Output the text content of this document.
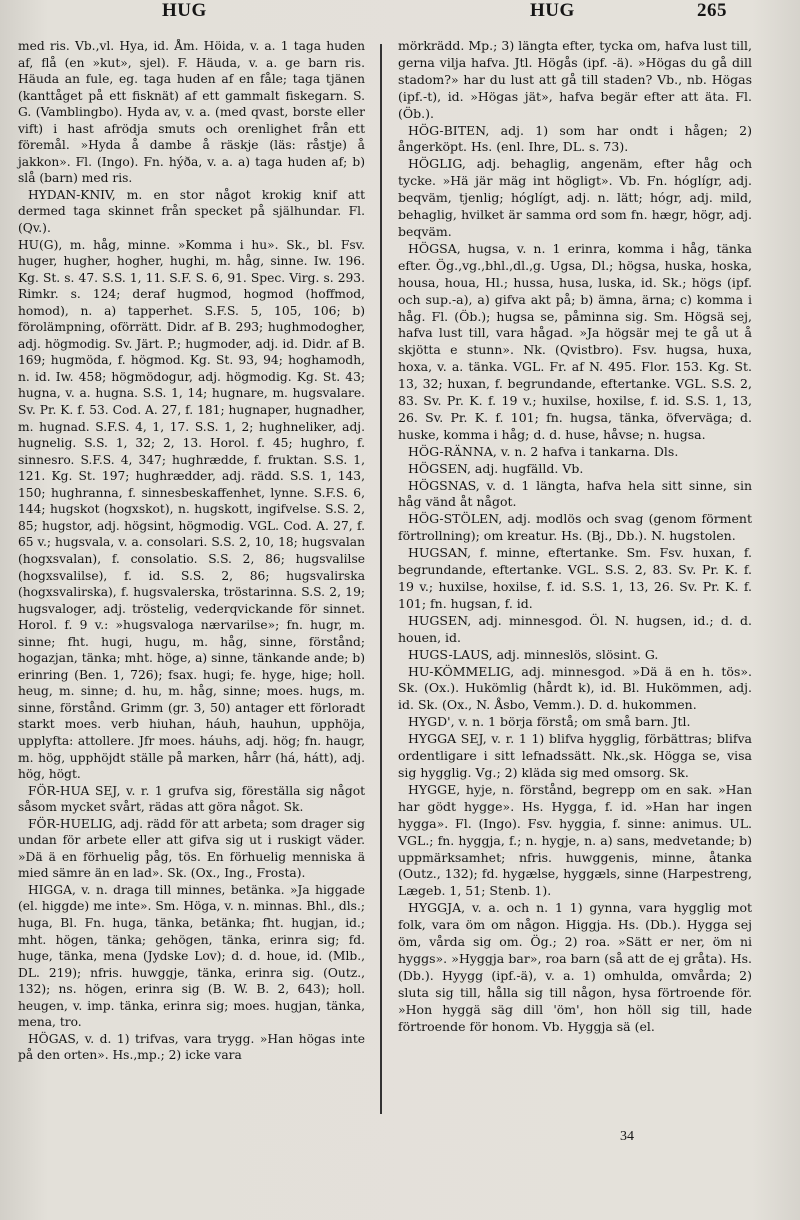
HUG	HUG	265

med ris. Vb.,vl. Hya, id. Åm. Höida, v. a. 1 taga huden af, flå (en »kut», sjel). F. Häuda, v. a. ge barn ris. Häuda an fule, eg. taga huden af en fåle; taga tjänen (kanttåget på ett fisknät) af ett gammalt fiskegarn. S. G. (Vamblingbo). Hyda av, v. a. (med qvast, borste eller vift) i hast afrödja smuts och orenlighet från ett föremål. »Hyda å dambe å räskje (läs: råstje) å jakkon». Fl. (Ingo). Fn. hýða, v. a. a) taga huden af; b) slå (barn) med ris.

HYDAN-KNIV, m. en stor något krokig knif att dermed taga skinnet från specket på själhundar. Fl. (Qv.).

HU(G), m. håg, minne. »Komma i hu». Sk., bl. Fsv. huger, hugher, hogher, hughi, m. håg, sinne. Iw. 196. Kg. St. s. 47. S.S. 1, 11. S.F. S. 6, 91. Spec. Virg. s. 293. Rimkr. s. 124; deraf hugmod, hogmod (hoffmod, homod), n. a) tapperhet. S.F.S. 5, 105, 106; b) förolämpning, oförrätt. Didr. af B. 293; hughmodogher, adj. högmodig. Sv. Järt. P.; hugmoder, adj. id. Didr. af B. 169; hugmöda, f. högmod. Kg. St. 93, 94; hoghamodh, n. id. Iw. 458; högmödogur, adj. högmodig. Kg. St. 43; hugna, v. a. hugna. S.S. 1, 14; hugnare, m. hugsvalare. Sv. Pr. K. f. 53. Cod. A. 27, f. 181; hugnaper, hugnadher, m. hugnad. S.F.S. 4, 1, 17. S.S. 1, 2; hughneliker, adj. hugnelig. S.S. 1, 32; 2, 13. Horol. f. 45; hughro, f. sinnesro. S.F.S. 4, 347; hughrædde, f. fruktan. S.S. 1, 121. Kg. St. 197; hughrædder, adj. rädd. S.S. 1, 143, 150; hughranna, f. sinnesbeskaffenhet, lynne. S.F.S. 6, 144; hugskot (hogxskot), n. hugskott, ingifvelse. S.S. 2, 85; hugstor, adj. högsint, högmodig. VGL. Cod. A. 27, f. 65 v.; hugsvala, v. a. consolari. S.S. 2, 10, 18; hugsvalan (hogxsvalan), f. consolatio. S.S. 2, 86; hugsvalilse (hogxsvalilse), f. id. S.S. 2, 86; hugsvalirska (hogxsvalirska), f. hugsvalerska, tröstarinna. S.S. 2, 19; hugsvaloger, adj. tröstelig, vederqvickande för sinnet. Horol. f. 9 v.: »hugsvaloga nærvarilse»; fn. hugr, m. sinne; fht. hugi, hugu, m. håg, sinne, förstånd; hogazjan, tänka; mht. höge, a) sinne, tänkande ande; b) erinring (Ben. 1, 726); fsax. hugi; fe. hyge, hige; holl. heug, m. sinne; d. hu, m. håg, sinne; moes. hugs, m. sinne, förstånd. Grimm (gr. 3, 50) antager ett förloradt starkt moes. verb hiuhan, háuh, hauhun, upphöja, upplyfta: attollere. Jfr moes. háuhs, adj. hög; fn. haugr, m. hög, upphöjdt ställe på marken, hårr (há, hátt), adj. hög, högt.

FÖR-HUA SEJ, v. r. 1 grufva sig, föreställa sig något såsom mycket svårt, rädas att göra något. Sk.

FÖR-HUELIG, adj. rädd för att arbeta; som drager sig undan för arbete eller att gifva sig ut i ruskigt väder. »Dä ä en förhuelig påg, tös. En förhuelig menniska ä mied sämre än en lad». Sk. (Ox., Ing., Frosta).

HIGGA, v. n. draga till minnes, betänka. »Ja higgade (el. higgde) me inte». Sm. Höga, v. n. minnas. Bhl., dls.; huga, Bl. Fn. huga, tänka, betänka; fht. hugjan, id.; mht. högen, tänka; gehögen, tänka, erinra sig; fd. huge, tänka, mena (Jydske Lov); d. d. houe, id. (Mlb., DL. 219); nfris. huwggje, tänka, erinra sig. (Outz., 132); ns. högen, erinra sig (B. W. B. 2, 643); holl. heugen, v. imp. tänka, erinra sig; moes. hugjan, tänka, mena, tro.

HÖGAS, v. d. 1) trifvas, vara trygg. »Han högas inte på den orten». Hs.,mp.; 2) icke vara

mörkrädd. Mp.; 3) längta efter, tycka om, hafva lust till, gerna vilja hafva. Jtl. Högås (ipf. -ä). »Högas du gå dill stadom?» har du lust att gå till staden? Vb., nb. Högas (ipf.-t), id. »Högas jät», hafva begär efter att äta. Fl. (Öb.).

HÖG-BITEN, adj. 1) som har ondt i hågen; 2) ångerköpt. Hs. (enl. Ihre, DL. s. 73).

HÖGLIG, adj. behaglig, angenäm, efter håg och tycke. »Hä jär mäg int högligt». Vb. Fn. hóglígr, adj. beqväm, tjenlig; hóglígt, adj. n. lätt; hógr, adj. mild, behaglig, hvilket är samma ord som fn. hægr, högr, adj. beqväm.

HÖGSA, hugsa, v. n. 1 erinra, komma i håg, tänka efter. Ög.,vg.,bhl.,dl.,g. Ugsa, Dl.; högsa, huska, hoska, housa, houa, Hl.; hussa, husa, luska, id. Sk.; högs (ipf. och sup.-a), a) gifva akt på; b) ämna, ärna; c) komma i håg. Fl. (Öb.); hugsa se, påminna sig. Sm. Högsä sej, hafva lust till, vara hågad. »Ja högsär mej te gå ut å skjötta e stunn». Nk. (Qvistbro). Fsv. hugsa, huxa, hoxa, v. a. tänka. VGL. Fr. af N. 495. Flor. 153. Kg. St. 13, 32; huxan, f. begrundande, eftertanke. VGL. S.S. 2, 83. Sv. Pr. K. f. 19 v.; huxilse, hoxilse, f. id. S.S. 1, 13, 26. Sv. Pr. K. f. 101; fn. hugsa, tänka, öfverväga; d. huske, komma i håg; d. d. huse, håvse; n. hugsa.

HÖG-RÄNNA, v. n. 2 hafva i tankarna. Dls.

HÖGSEN, adj. hugfälld. Vb.

HÖGSNAS, v. d. 1 längta, hafva hela sitt sinne, sin håg vänd åt något.

HÖG-STÖLEN, adj. modlös och svag (genom förment förtrollning); om kreatur. Hs. (Bj., Db.). N. hugstolen.

HUGSAN, f. minne, eftertanke. Sm. Fsv. huxan, f. begrundande, eftertanke. VGL. S.S. 2, 83. Sv. Pr. K. f. 19 v.; huxilse, hoxilse, f. id. S.S. 1, 13, 26. Sv. Pr. K. f. 101; fn. hugsan, f. id.

HUGSEN, adj. minnesgod. Öl. N. hugsen, id.; d. d. houen, id.

HUGS-LAUS, adj. minneslös, slösint. G.

HU-KÖMMELIG, adj. minnesgod. »Dä ä en h. tös». Sk. (Ox.). Hukömlig (hårdt k), id. Bl. Hukömmen, adj. id. Sk. (Ox., N. Åsbo, Vemm.). D. d. hukommen.

HYGD', v. n. 1 börja förstå; om små barn. Jtl.

HYGGA SEJ, v. r. 1 1) blifva hygglig, förbättras; blifva ordentligare i sitt lefnadssätt. Nk.,sk. Högga se, visa sig hygglig. Vg.; 2) kläda sig med omsorg. Sk.

HYGGE, hyje, n. förstånd, begrepp om en sak. »Han har gödt hygge». Hs. Hygga, f. id. »Han har ingen hygga». Fl. (Ingo). Fsv. hyggia, f. sinne: animus. UL. VGL.; fn. hyggja, f.; n. hygje, n. a) sans, medvetande; b) uppmärksamhet; nfris. huwggenis, minne, åtanka (Outz., 132); fd. hygælse, hyggæls, sinne (Harpestreng, Lægeb. 1, 51; Stenb. 1).

HYGGJA, v. a. och n. 1 1) gynna, vara hygglig mot folk, vara öm om någon. Higgja. Hs. (Db.). Hygga sej öm, vårda sig om. Ög.; 2) roa. »Sätt er ner, öm ni hyggs». »Hyggja bar», roa barn (så att de ej gråta). Hs. (Db.). Hyygg (ipf.-ä), v. a. 1) omhulda, omvårda; 2) sluta sig till, hålla sig till någon, hysa förtroende för. »Hon hyggä säg dill 'öm', hon höll sig till, hade förtroende för honom. Vb. Hyggja sä (el.

34
